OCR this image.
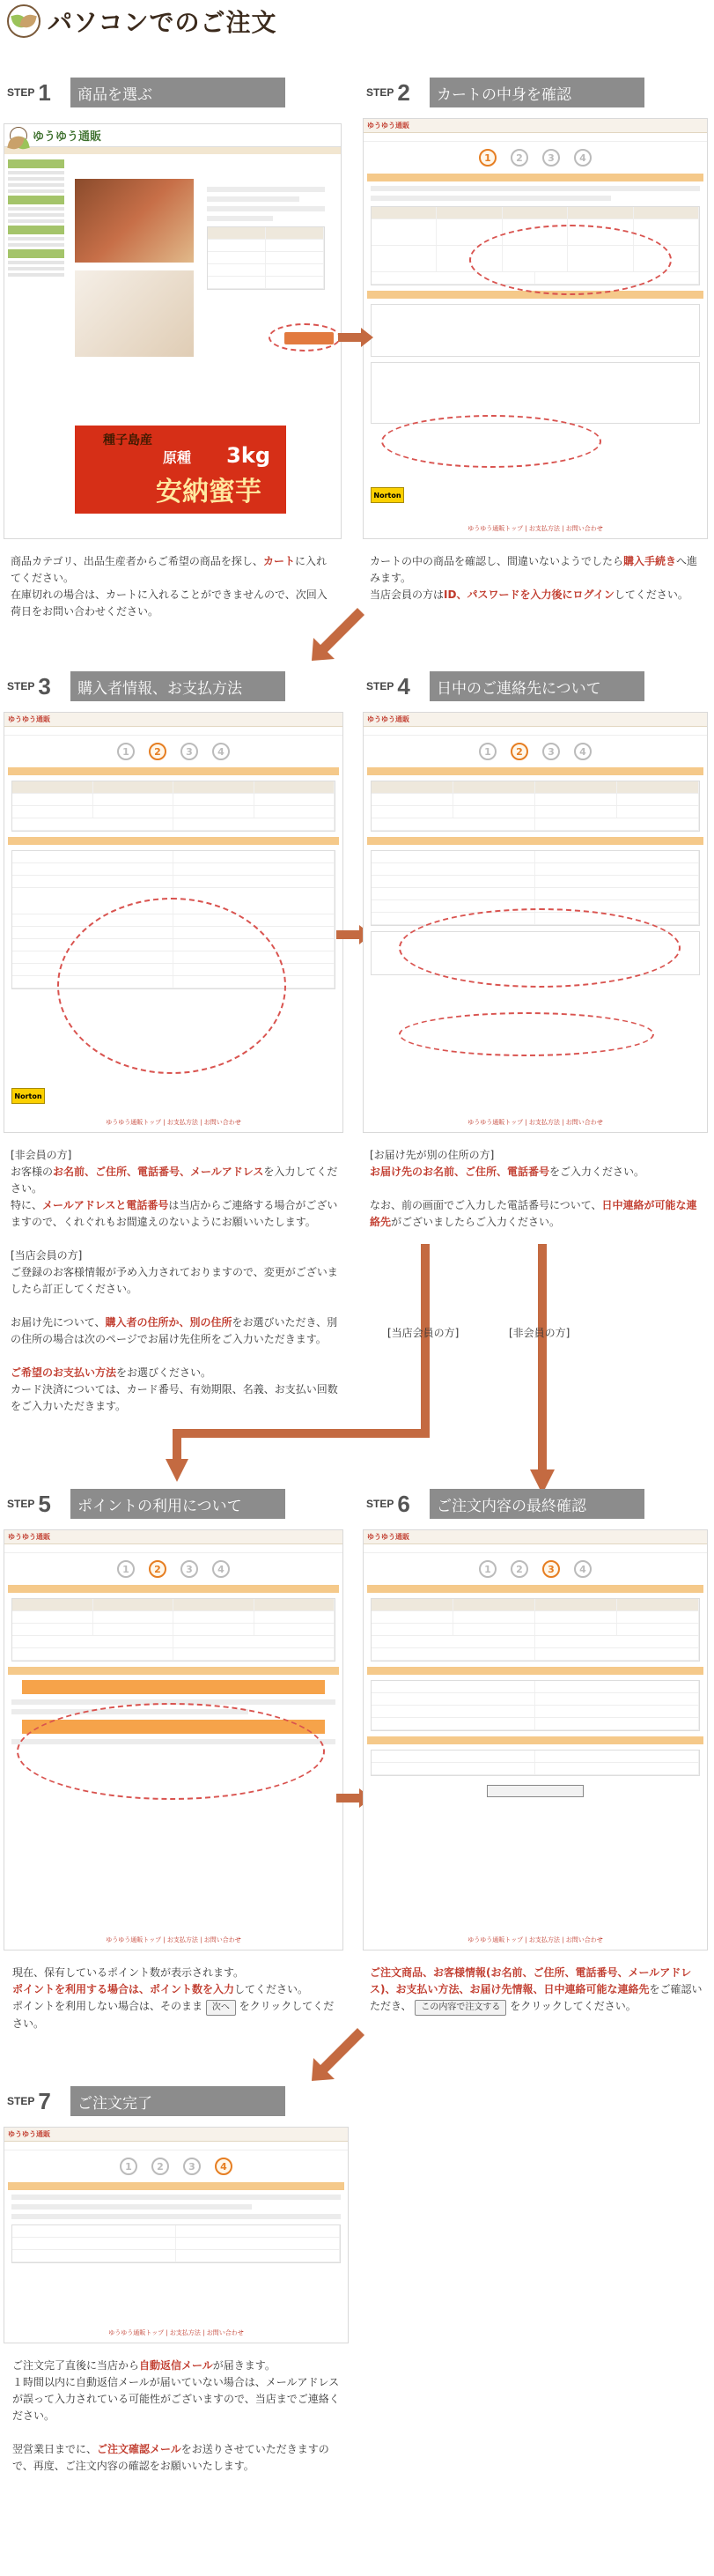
パソコンでのご注文
STEP 1	商品を選ぶ
ゆうゆう通販
種子島産
原種 3kg
安納蜜芋
商品カテゴリ、出品生産者からご希望の商品を探し、カートに入れてください。
在庫切れの場合は、カートに入れることができませんので、次回入荷日をお問い合わせください。
STEP 2	カートの中身を確認
ゆうゆう通販
1	2	3	4
Norton
ゆうゆう通販トップ | お支払方法 | お問い合わせ
カートの中の商品を確認し、間違いないようでしたら購入手続きへ進みます。
当店会員の方はID、パスワードを入力後にログインしてください。
STEP 3	購入者情報、お支払方法
ゆうゆう通販
1	2	3	4
Norton
ゆうゆう通販トップ | お支払方法 | お問い合わせ
[非会員の方]
お客様のお名前、ご住所、電話番号、メールアドレスを入力してください。
特に、メールアドレスと電話番号は当店からご連絡する場合がございますので、くれぐれもお間違えのないようにお願いいたします。

[当店会員の方]
ご登録のお客様情報が予め入力されておりますので、変更がございましたら訂正してください。

お届け先について、購入者の住所か、別の住所をお選びいただき、別の住所の場合は次のページでお届け先住所をご入力いただきます。

ご希望のお支払い方法をお選びください。
カード決済については、カード番号、有効期限、名義、お支払い回数をご入力いただきます。
STEP 4	日中のご連絡先について
ゆうゆう通販
1	2	3	4
ゆうゆう通販トップ | お支払方法 | お問い合わせ
[お届け先が別の住所の方]
お届け先のお名前、ご住所、電話番号をご入力ください。

なお、前の画面でご入力した電話番号について、日中連絡が可能な連絡先がございましたらご入力ください。
[当店会員の方]	[非会員の方]
STEP 5	ポイントの利用について
ゆうゆう通販
1	2	3	4
ゆうゆう通販トップ | お支払方法 | お問い合わせ
現在、保有しているポイント数が表示されます。
ポイントを利用する場合は、ポイント数を入力してください。
ポイントを利用しない場合は、そのまま 次へ をクリックしてください。
STEP 6	ご注文内容の最終確認
ゆうゆう通販
1	2	3	4
ゆうゆう通販トップ | お支払方法 | お問い合わせ
ご注文商品、お客様情報(お名前、ご住所、電話番号、メールアドレス)、お支払い方法、お届け先情報、日中連絡可能な連絡先をご確認いただき、 この内容で注文する をクリックしてください。
STEP 7	ご注文完了
ゆうゆう通販
1	2	3	4
ゆうゆう通販トップ | お支払方法 | お問い合わせ
ご注文完了直後に当店から自動返信メールが届きます。
１時間以内に自動返信メールが届いていない場合は、メールアドレスが誤って入力されている可能性がございますので、当店までご連絡ください。

翌営業日までに、ご注文確認メールをお送りさせていただきますので、再度、ご注文内容の確認をお願いいたします。
